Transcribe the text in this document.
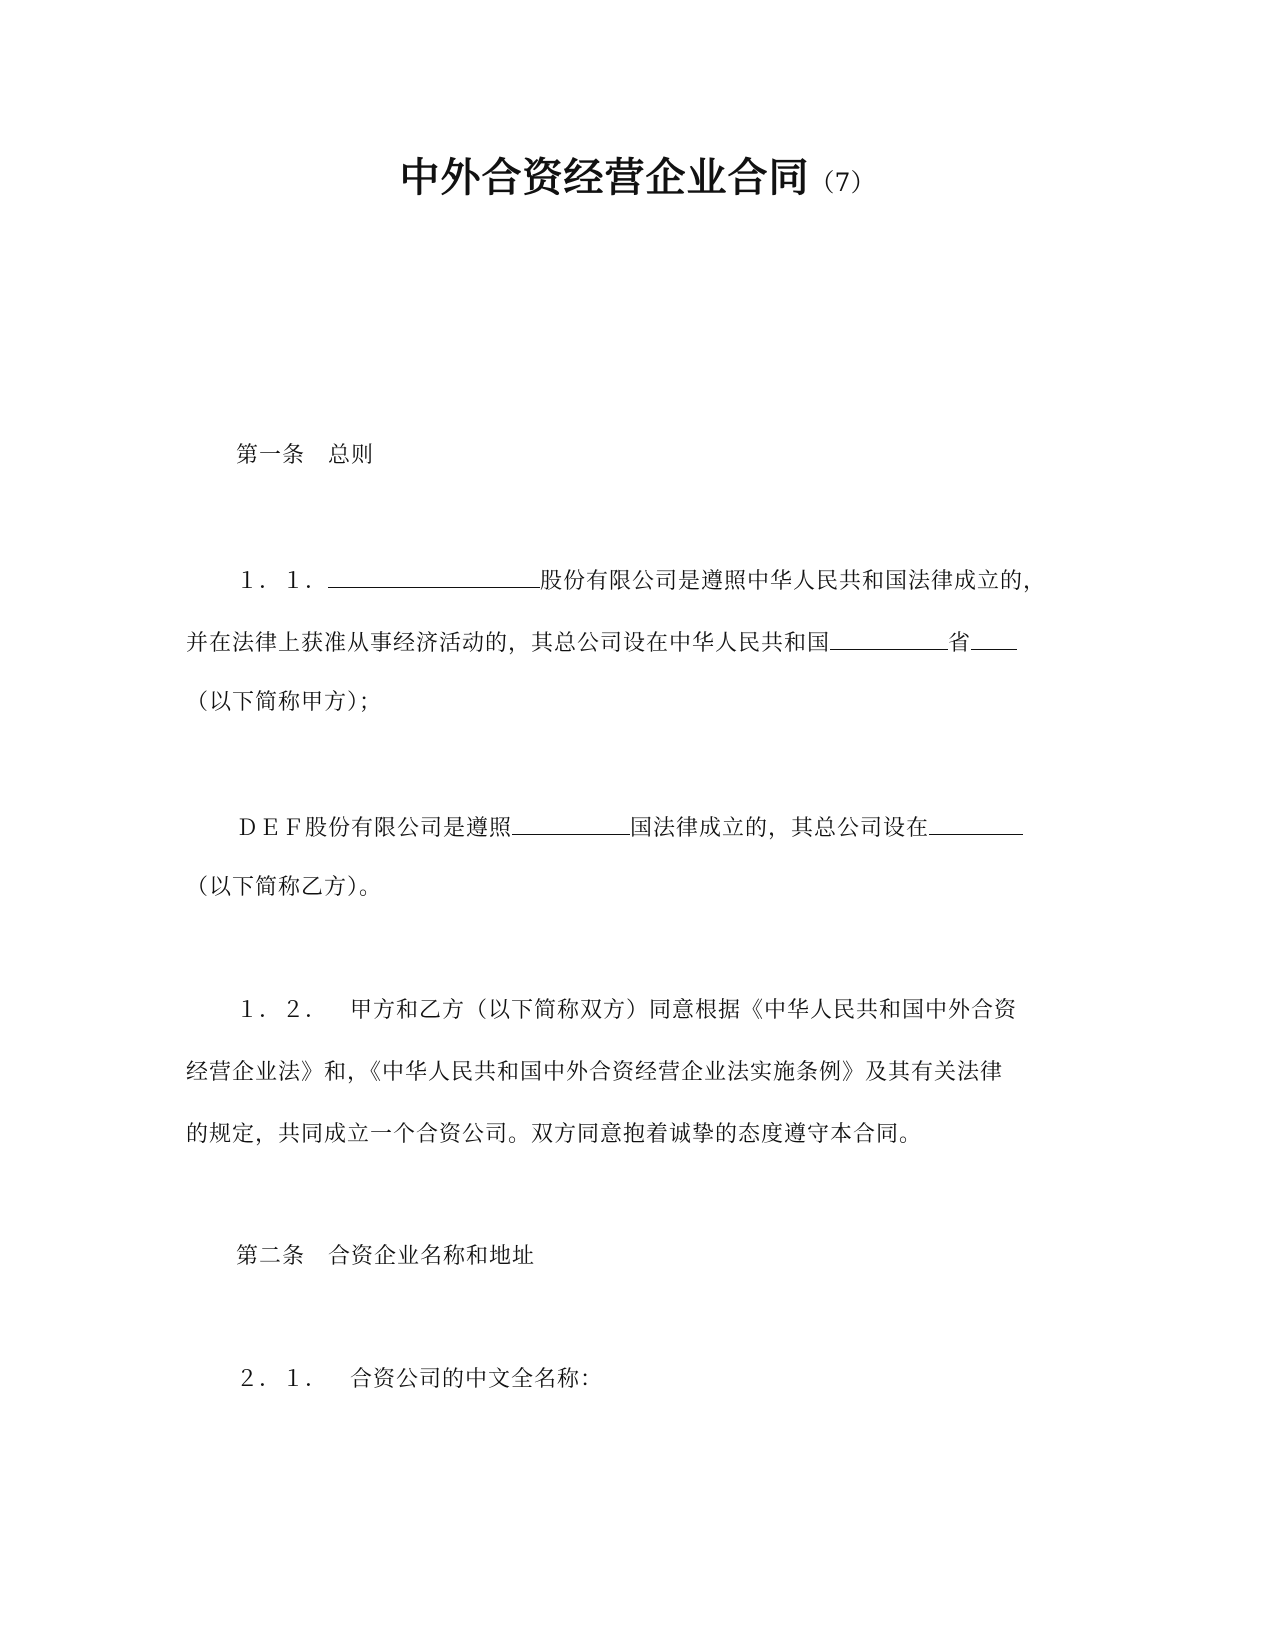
中外合资经营企业合同（7）
第一条　总则
１．１．	股份有限公司是遵照中华人民共和国法律成立的，
并在法律上获准从事经济活动的，其总公司设在中华人民共和国	省
（以下简称甲方）；
ＤＥＦ股份有限公司是遵照	国法律成立的，其总公司设在
（以下简称乙方）。
１．２． 甲方和乙方（以下简称双方）同意根据《中华人民共和国中外合资
经营企业法》和，《中华人民共和国中外合资经营企业法实施条例》及其有关法律
的规定，共同成立一个合资公司。双方同意抱着诚挚的态度遵守本合同。
第二条　合资企业名称和地址
２．１． 合资公司的中文全名称：
